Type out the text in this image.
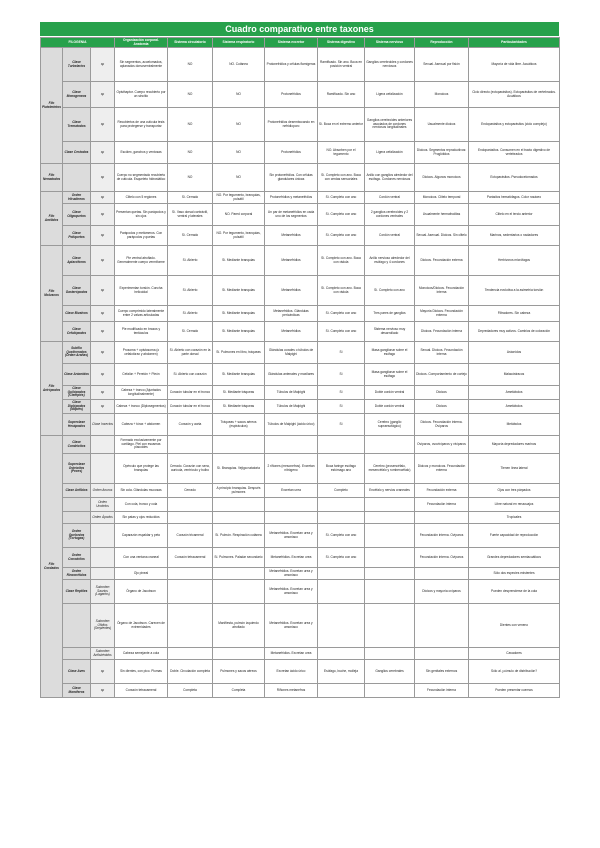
Cuadro comparativo entre taxones
FILOGENIA			Organización corporal. Anatomía	Sistema circulatorio	Sistema respiratorio	Sistema excretor	Sistema digestivo	Sistema nervioso	Reproducción	Particularidades
Filo Platelmintos	Clase Turbelarios	sp	Sin segmentos, acoelomados, aplanados dorsoventralmente	NO	NO. Cutánea	Protonefridios y células flamígeras	Ramificado. Sin ano. Boca en posición ventral	Ganglios cerebroides y cordones nerviosos	Sexual. Asexual por fisión	Mayoría de vida libre. Acuáticos
	Clase Monogeneos	sp	Opisthaptor. Cuerpo recubierto por un sincitio	NO	NO	Protonefridios	Ramificado. Sin ano	Ligera cefalización	Monoicos	Ciclo directo (ectoparásitos). Ectoparásitos de vertebrados. Acuáticos
	Clase Trematodos	sp	Recubiertos de una cutícula tesis para protegerse y transportar	NO	NO	Protonefridios desembocando en nefridioporo	Sí. Boca en el extremo anterior	Ganglios cerebroides anteriores asociados de cordones nerviosos longitudinales	Usualmente dioicos	Endoparásitos y ectoparásitos (ciclo complejo)
	Clase Cestodos	sp	Escólex, ganchos y ventosas	NO	NO	Protonefridios	NO. Absorben por el tegumento	Ligera cefalización	Dioicos. Segmentos reproductivos: Proglótidos	Endoparásitos. Consumen en el tracto digestivo de vertebrados
Filo Nematodos		sp	Cuerpo no segmentado recubierto de cutícula. Esqueleto hidrostático	NO	NO	Sin protonefridios. Con células glandulares únicas	Sí. Completo con ano. Boca con cerdas sensoriales	Anillo con ganglios alrededor del esófago. Cordones nerviosos	Dioicos. Algunos monoicos	Ectoparásitos. Pseudocelomados
Filo Anélidos	Orden Hirudíneos	sp	Clitelo con 5 regiones	Sí. Cerrado	NO. Por tegumento, branquias, pulsátil	Protonefridios y metanefridios	Sí. Completo con ano	Cordón ventral	Monoicos. Clitelo temporal	Parásitos hematófagos. Color rosáceo
	Clase Oligoquetos	sp	Presentan quetas. Sin parápodos y sin ojos	Sí. Vaso dorsal contráctil, ventral y laterales	NO. Pared corporal	Un par de metanefridios en cada uno de los segmentos	Sí. Completo con ano	2 ganglios cerebroides y 2 cordones ventrales	Usualmente hermafroditas	Clitelo en el tercio anterior
	Clase Poliquetos	sp	Parápodos y metámeros. Con parápodos y quetas	Sí. Cerrado	NO. Por tegumento, branquias, pulsátil	Metanefridios	Sí. Completo con ano	Cordón ventral	Sexual. Asexual. Dioicos. Sin clitelo	Marinos, sedentarios o nadadores
Filo Moluscos	Clase Aplacóforos	sp	Pie ventral atrofiado. Generalmente cuerpo vermiforme	Sí. Abierto	Sí. Mediante branquias	Metanefridios	Sí. Completo con ano. Boca con rádula	Anillo nervioso alrededor del esófago y 4 cordones	Dioicos. Fecundación externa	Herbívoros micrófagos
	Clase Gasterópodos	sp	Experimentan torsión. Concha helicoidal	Sí. Abierto	Sí. Mediante branquias	Metanefridios	Sí. Completo con ano. Boca con rádula	Sí. Completo con ano	Monoicos/Dioicos. Fecundación interna	Tendencia evolutiva a la asimetría torsión
	Clase Bivalvos	sp	Cuerpo comprimido lateralmente entre 2 valvas articuladas	Sí. Abierto	Sí. Mediante branquias	Metanefridios. Glándulas pericárdicas	Sí. Completo con ano	Tres pares de ganglios	Mayoría Dioicos. Fecundación externa	Filtradores. Sin cabeza
	Clase Cefalópodos	sp	Pie modificado en brazos y tentáculos	Sí. Cerrado	Sí. Mediante branquias	Metanefridios	Sí. Completo con ano	Sistema nervioso muy desarrollado	Dioicos. Fecundación interna	Depredadores muy activos. Cambios de coloración
Filo Artrópodos	Subfilo Quelicerados (Orden Arañas)	sp	Prosoma + opistosoma (o cefalotórax y abdomen)	Sí. Abierto con corazón en la parte dorsal	Sí. Pulmones en libro, tráqueas	Glándulas coxales o túbulos de Malpighi	Sí	Masa ganglionar sobre el esófago	Sexual. Dioicos. Fecundación interna	Arácnidos
	Clase Arácnidos	sp	Cefalón + Pereión + Pleón	Sí. Abierto con corazón	Sí. Mediante branquias	Glándulas antenales y maxilares	Sí	Masa ganglionar sobre el esófago	Dioicos. Comportamiento de cortejo	Malacóstracos
	Clase Quilópodos (Ciempiés)	sp	Cabeza + tronco (Ajuntados longitudinalmente)	Corazón tubular en el tronco	Sí. Mediante tráqueas	Túbulos de Malpighi	Sí	Doble cordón ventral	Dioicos	Ametábolos
	Clase Diplópodos (Milpiés)	sp	Cabeza + tronco (Diplosegmentos)	Corazón tubular en el tronco	Sí. Mediante tráqueas	Túbulos de Malpighi	Sí	Doble cordón ventral	Dioicos	Ametábolos
	Superclase Hexápodos	Clase Insectos	Cabeza + tórax + abdomen	Corazón y aorta	Tráqueas + sacos aéreos (espiráculos)	Túbulos de Malpighi (ácido úrico)	Sí	Cerebro (ganglio supraesofágico)	Dioicos. Fecundación interna. Ovíparos	Metábolos
Filo Cordados	Clase Condrictios		Formado exclusivamente por cartílago. Piel con escamas placoides						Ovíparos, ovovivíparos y vivíparos	Mayoría depredadores marinos
	Superclase Osteíctios (Peces)		Opérculo que protege las branquias	Cerrado. Corazón con seno, aurícula, ventrículo y bulbo	Sí. Branquias. Vejiga natatoria	2 riñones (mesonefros). Excretan nitrógeno	Boca faringe esófago estómago ano	Cerebro (prosencéfalo, mesencéfalo y rombencéfalo)	Dioicos y monoicos. Fecundación externa	Tienen línea lateral
	Clase Anfibios	Orden Anuros	Sin cola. Glándulas mucosas	Cerrado	A principio branquias. Después pulmones	Excretan urea	Completo	Encéfalo y nervios craneales	Fecundación externa	Ojos con tres párpados
		Orden Urodelos	Con cola, tronco y cola						Fecundación interna	Libre natural en renacuajos
		Orden Ápodos	Sin patas y ojos reducidos							Tropicales
	Orden Quelonios (Tortugas)		Caparazón espaldar y peto	Corazón tricameral	Sí. Pulmón. Respiración cutánea	Metanefridios. Excretan urea y amoniaco	Sí. Completo con ano		Fecundación interna. Ovíparos	Fuerte capacidad de reproducción
	Orden Cocodrilos		Con una ventana craneal	Corazón tetracameral	Sí. Pulmones. Paladar secundario	Metanefridios. Excretan urea	Sí. Completo con ano		Fecundación interna. Ovíparos	Grandes depredadores semiacuáticos
	Orden Rincocéfalos		Ojo pineal			Metanefridios. Excretan urea y amoniaco				Sólo dos especies existentes
	Clase Reptiles	Suborden Saurios (Lagartos)	Órgano de Jacobson			Metanefridios. Excretan urea y amoniaco			Dioicos y mayoría ovíparos	Pueden desprenderse de la cola
		Suborden Ofidios (Serpientes)	Órgano de Jacobson. Carecen de extremidades		Manifiesta, pulmón izquierdo atrofiado	Metanefridios. Excretan urea y amoniaco				Dientes con veneno
		Suborden Anfisbénidos	Cabeza semejante a cola			Metanefridios. Excretan urea				Cavadores
	Clase Aves	sp	Sin dientes, con pico. Plumas	Doble. Circulación completa	Pulmones y sacos aéreos	Excretan ácido úrico	Esófago, buche, molleja	Ganglios cerebrales	Sin genitales externos	Sólo al ¿cúmulo de distribución?
	Clase Mamíferos	sp	Corazón tetracameral	Completa	Completa	Riñones metanefros			Fecundación interna	Pueden presentar cuernos
